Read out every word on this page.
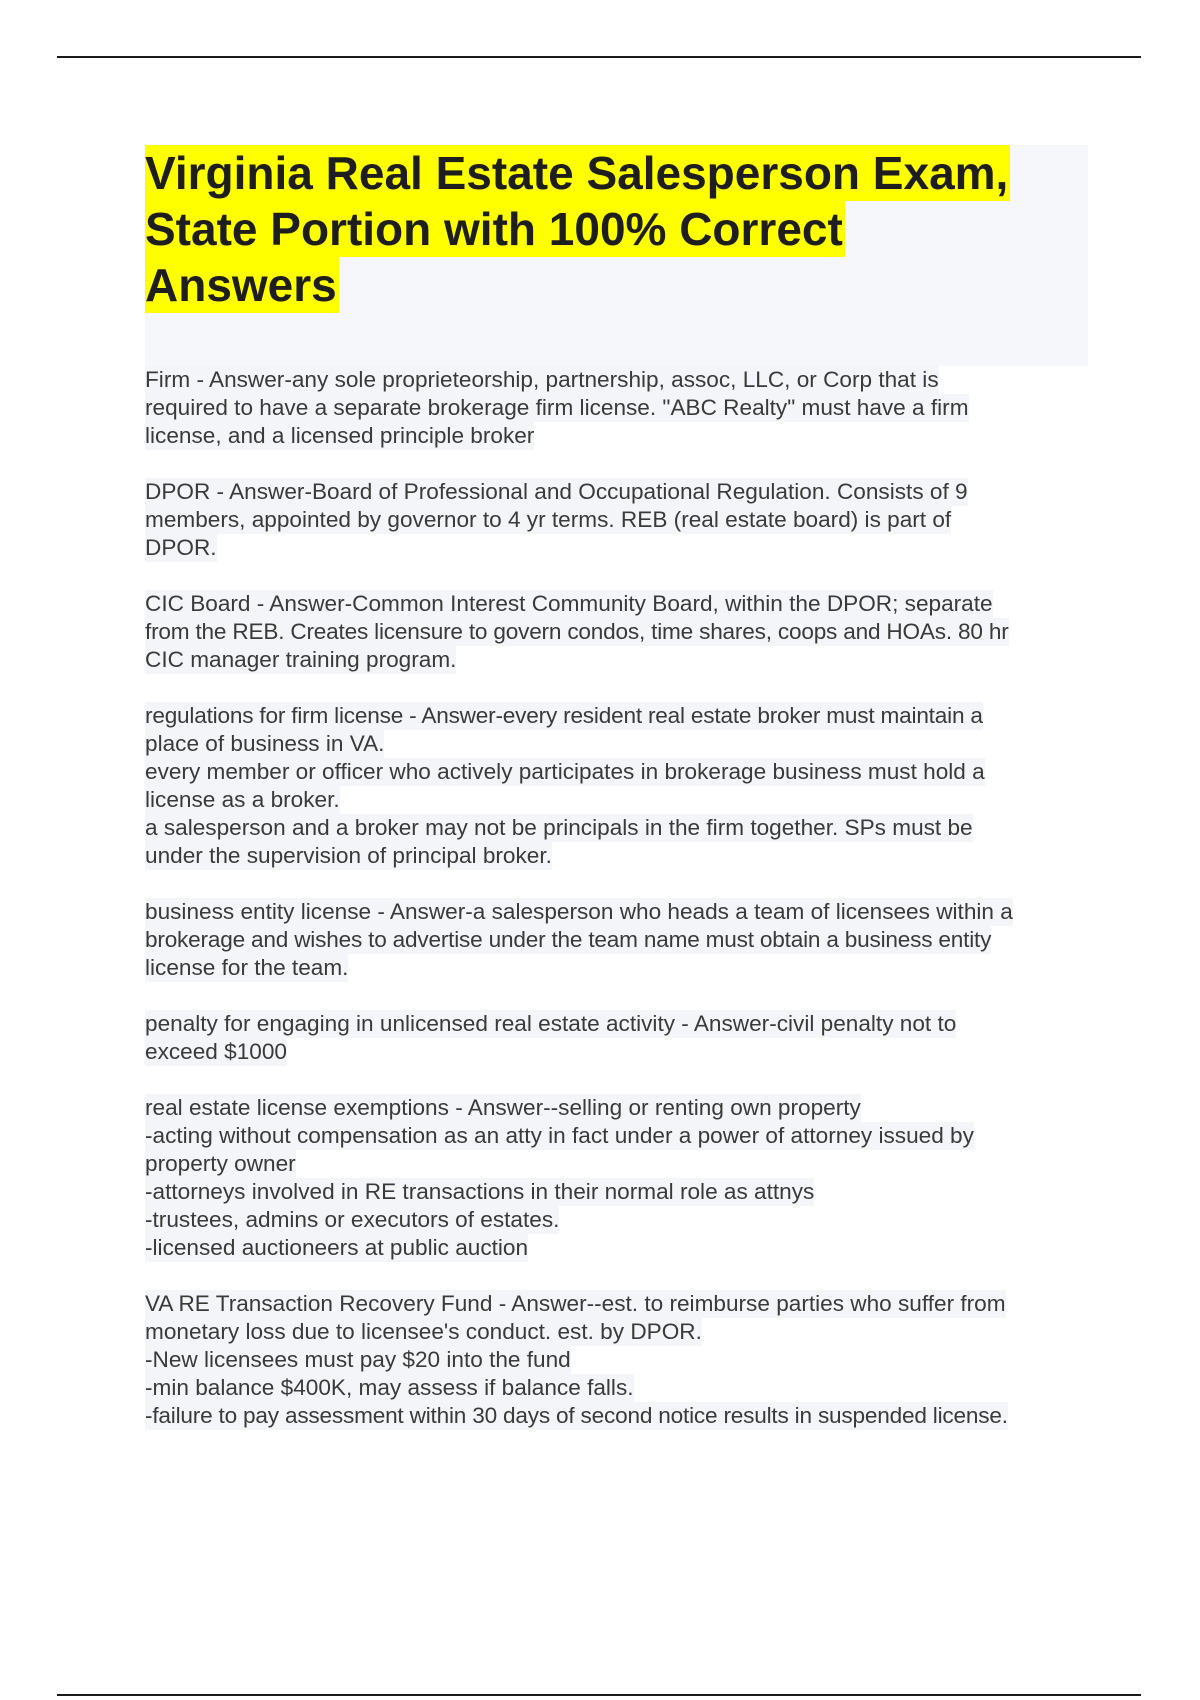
Virginia Real Estate Salesperson Exam,
State Portion with 100% Correct
Answers
Firm - Answer-any sole proprieteorship, partnership, assoc, LLC, or Corp that is
required to have a separate brokerage firm license. "ABC Realty" must have a firm
license, and a licensed principle broker
DPOR - Answer-Board of Professional and Occupational Regulation. Consists of 9
members, appointed by governor to 4 yr terms. REB (real estate board) is part of
DPOR.
CIC Board - Answer-Common Interest Community Board, within the DPOR; separate
from the REB. Creates licensure to govern condos, time shares, coops and HOAs. 80 hr
CIC manager training program.
regulations for firm license - Answer-every resident real estate broker must maintain a
place of business in VA.
every member or officer who actively participates in brokerage business must hold a
license as a broker.
a salesperson and a broker may not be principals in the firm together. SPs must be
under the supervision of principal broker.
business entity license - Answer-a salesperson who heads a team of licensees within a
brokerage and wishes to advertise under the team name must obtain a business entity
license for the team.
penalty for engaging in unlicensed real estate activity - Answer-civil penalty not to
exceed $1000
real estate license exemptions - Answer--selling or renting own property
-acting without compensation as an atty in fact under a power of attorney issued by
property owner
-attorneys involved in RE transactions in their normal role as attnys
-trustees, admins or executors of estates.
-licensed auctioneers at public auction
VA RE Transaction Recovery Fund - Answer--est. to reimburse parties who suffer from
monetary loss due to licensee's conduct. est. by DPOR.
-New licensees must pay $20 into the fund
-min balance $400K, may assess if balance falls.
-failure to pay assessment within 30 days of second notice results in suspended license.
